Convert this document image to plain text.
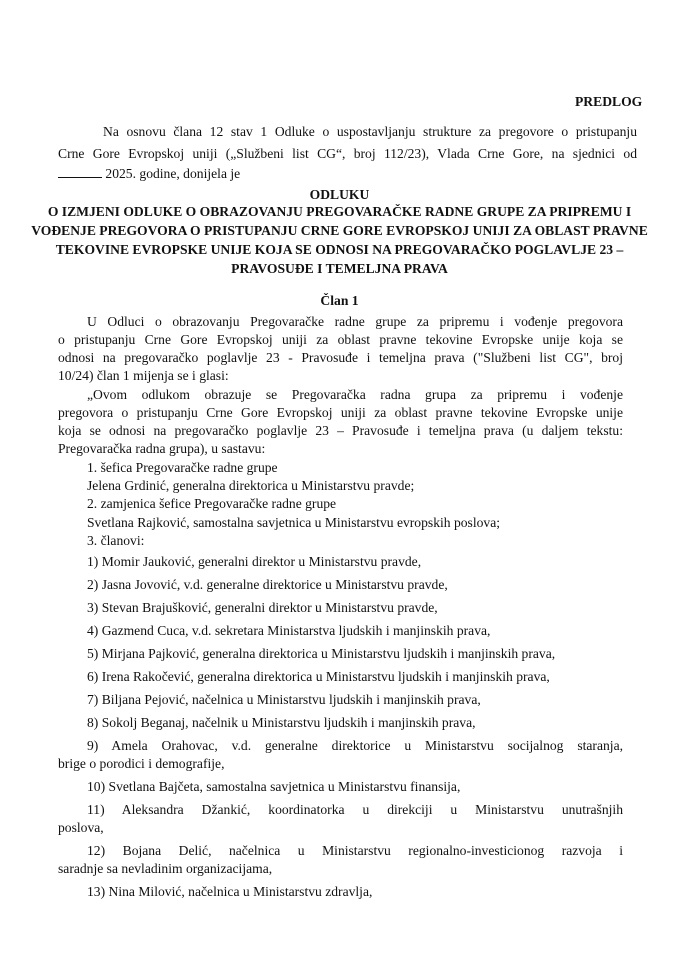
PREDLOG
Na osnovu člana 12 stav 1 Odluke o uspostavljanju strukture za pregovore o pristupanju
Crne Gore Evropskoj uniji („Službeni list CG“, broj 112/23), Vlada Crne Gore, na sjednici od
2025. godine, donijela je
ODLUKU
O IZMJENI ODLUKE O OBRAZOVANJU PREGOVARAČKE RADNE GRUPE ZA PRIPREMU I
VOĐENJE PREGOVORA O PRISTUPANJU CRNE GORE EVROPSKOJ UNIJI ZA OBLAST PRAVNE
TEKOVINE EVROPSKE UNIJE KOJA SE ODNOSI NA PREGOVARAČKO POGLAVLJE 23 –
PRAVOSUĐE I TEMELJNA PRAVA
Član 1
U Odluci o obrazovanju Pregovaračke radne grupe za pripremu i vođenje pregovora
o pristupanju Crne Gore Evropskoj uniji za oblast pravne tekovine Evropske unije koja se
odnosi na pregovaračko poglavlje 23 - Pravosuđe i temeljna prava ("Službeni list CG", broj
10/24) član 1 mijenja se i glasi:
„Ovom odlukom obrazuje se Pregovaračka radna grupa za pripremu i vođenje
pregovora o pristupanju Crne Gore Evropskoj uniji za oblast pravne tekovine Evropske unije
koja se odnosi na pregovaračko poglavlje 23 – Pravosuđe i temeljna prava (u daljem tekstu:
Pregovaračka radna grupa), u sastavu:
1. šefica Pregovaračke radne grupe
Jelena Grdinić, generalna direktorica u Ministarstvu pravde;
2. zamjenica šefice Pregovaračke radne grupe
Svetlana Rajković, samostalna savjetnica u Ministarstvu evropskih poslova;
3. članovi:
1) Momir Jauković, generalni direktor u Ministarstvu pravde,
2) Jasna Jovović, v.d. generalne direktorice u Ministarstvu pravde,
3) Stevan Brajušković, generalni direktor u Ministarstvu pravde,
4) Gazmend Cuca, v.d. sekretara Ministarstva ljudskih i manjinskih prava,
5) Mirjana Pajković, generalna direktorica u Ministarstvu ljudskih i manjinskih prava,
6) Irena Rakočević, generalna direktorica u Ministarstvu ljudskih i manjinskih prava,
7) Biljana Pejović, načelnica u Ministarstvu ljudskih i manjinskih prava,
8) Sokolj Beganaj, načelnik u Ministarstvu ljudskih i manjinskih prava,
9) Amela Orahovac, v.d. generalne direktorice u Ministarstvu socijalnog staranja,
brige o porodici i demografije,
10) Svetlana Bajčeta, samostalna savjetnica u Ministarstvu finansija,
11) Aleksandra Džankić, koordinatorka u direkciji u Ministarstvu unutrašnjih
poslova,
12) Bojana Delić, načelnica u Ministarstvu regionalno-investicionog razvoja i
saradnje sa nevladinim organizacijama,
13) Nina Milović, načelnica u Ministarstvu zdravlja,
